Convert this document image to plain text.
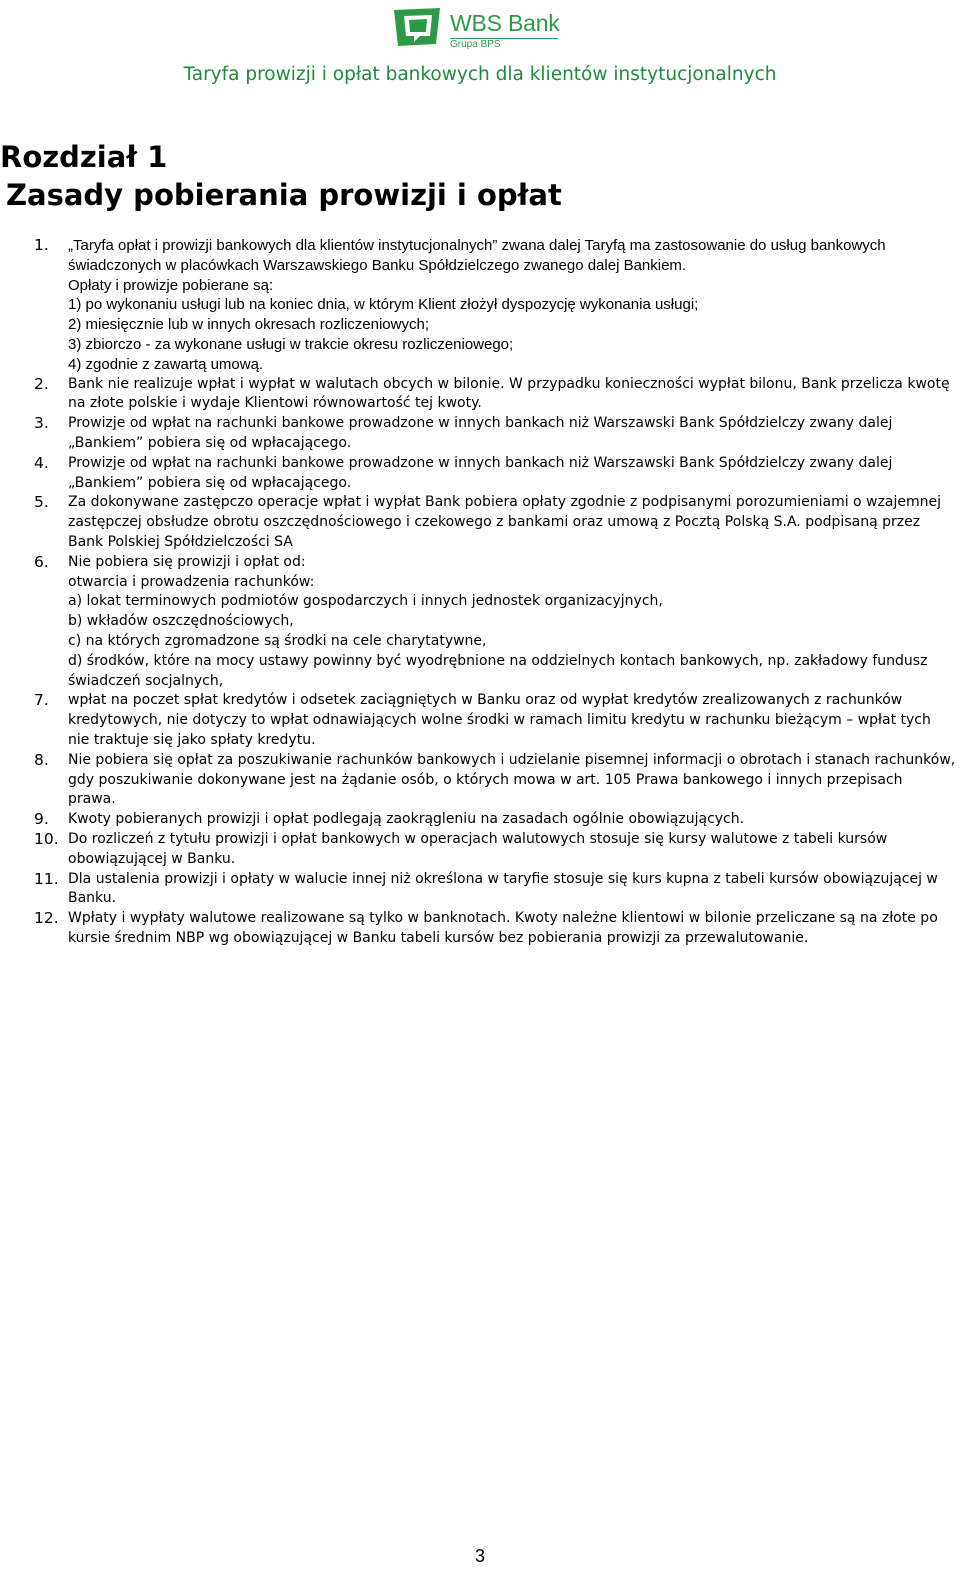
WBS Bank
Grupa BPS
Taryfa prowizji i opłat bankowych dla klientów instytucjonalnych
Rozdział 1
Zasady pobierania prowizji i opłat
1. „Taryfa opłat i prowizji bankowych dla klientów instytucjonalnych” zwana dalej Taryfą ma zastosowanie do usług bankowych
świadczonych w placówkach Warszawskiego Banku Spółdzielczego zwanego dalej Bankiem.
Opłaty i prowizje pobierane są:
1) po wykonaniu usługi lub na koniec dnia, w którym Klient złożył dyspozycję wykonania usługi;
2) miesięcznie lub w innych okresach rozliczeniowych;
3) zbiorczo - za wykonane usługi w trakcie okresu rozliczeniowego;
4) zgodnie z zawartą umową.
2. Bank nie realizuje wpłat i wypłat w walutach obcych w bilonie. W przypadku konieczności wypłat bilonu, Bank przelicza kwotę
na złote polskie i wydaje Klientowi równowartość tej kwoty.
3. Prowizje od wpłat na rachunki bankowe prowadzone w innych bankach niż Warszawski Bank Spółdzielczy zwany dalej
„Bankiem” pobiera się od wpłacającego.
4. Prowizje od wpłat na rachunki bankowe prowadzone w innych bankach niż Warszawski Bank Spółdzielczy zwany dalej
„Bankiem” pobiera się od wpłacającego.
5. Za dokonywane zastępczo operacje wpłat i wypłat Bank pobiera opłaty zgodnie z podpisanymi porozumieniami o wzajemnej
zastępczej obsłudze obrotu oszczędnościowego i czekowego z bankami oraz umową z Pocztą Polską S.A. podpisaną przez
Bank Polskiej Spółdzielczości SA
6. Nie pobiera się prowizji i opłat od:
otwarcia i prowadzenia rachunków:
a) lokat terminowych podmiotów gospodarczych i innych jednostek organizacyjnych,
b) wkładów oszczędnościowych,
c) na których zgromadzone są środki na cele charytatywne,
d) środków, które na mocy ustawy powinny być wyodrębnione na oddzielnych kontach bankowych, np. zakładowy fundusz
świadczeń socjalnych,
7. wpłat na poczet spłat kredytów i odsetek zaciągniętych w Banku oraz od wypłat kredytów zrealizowanych z rachunków
kredytowych, nie dotyczy to wpłat odnawiających wolne środki w ramach limitu kredytu w rachunku bieżącym – wpłat tych
nie traktuje się jako spłaty kredytu.
8. Nie pobiera się opłat za poszukiwanie rachunków bankowych i udzielanie pisemnej informacji o obrotach i stanach rachunków,
gdy poszukiwanie dokonywane jest na żądanie osób, o których mowa w art. 105 Prawa bankowego i innych przepisach
prawa.
9. Kwoty pobieranych prowizji i opłat podlegają zaokrągleniu na zasadach ogólnie obowiązujących.
10. Do rozliczeń z tytułu prowizji i opłat bankowych w operacjach walutowych stosuje się kursy walutowe z tabeli kursów
obowiązującej w Banku.
11. Dla ustalenia prowizji i opłaty w walucie innej niż określona w taryfie stosuje się kurs kupna z tabeli kursów obowiązującej w
Banku.
12. Wpłaty i wypłaty walutowe realizowane są tylko w banknotach. Kwoty należne klientowi w bilonie przeliczane są na złote po
kursie średnim NBP wg obowiązującej w Banku tabeli kursów bez pobierania prowizji za przewalutowanie.
3
